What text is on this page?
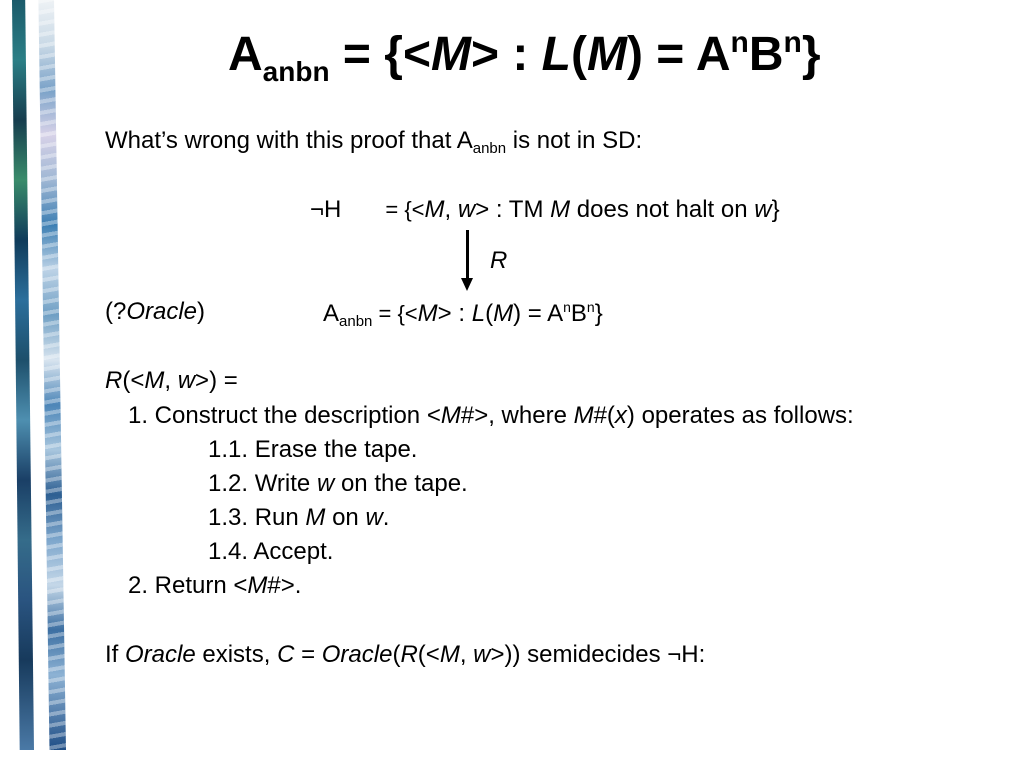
$A_{anbn} = \{<M>$ : $L(M) = A^nB^n$}
What’s wrong with this proof that $A_{anbn}$ is not in SD:
¬H = {<M, w> : TM M does not halt on w}
R
(?Oracle)	$A_{anbn} = \{<M>$ : $L(M) = A^nB^n$}
R(<M, w>) =
1. Construct the description <M#>, where M#(x) operates as follows:
1.1. Erase the tape.
1.2. Write w on the tape.
1.3. Run M on w.
1.4. Accept.
2. Return <M#>.
If Oracle exists, C = Oracle(R(<M, w>)) semidecides ¬H:
